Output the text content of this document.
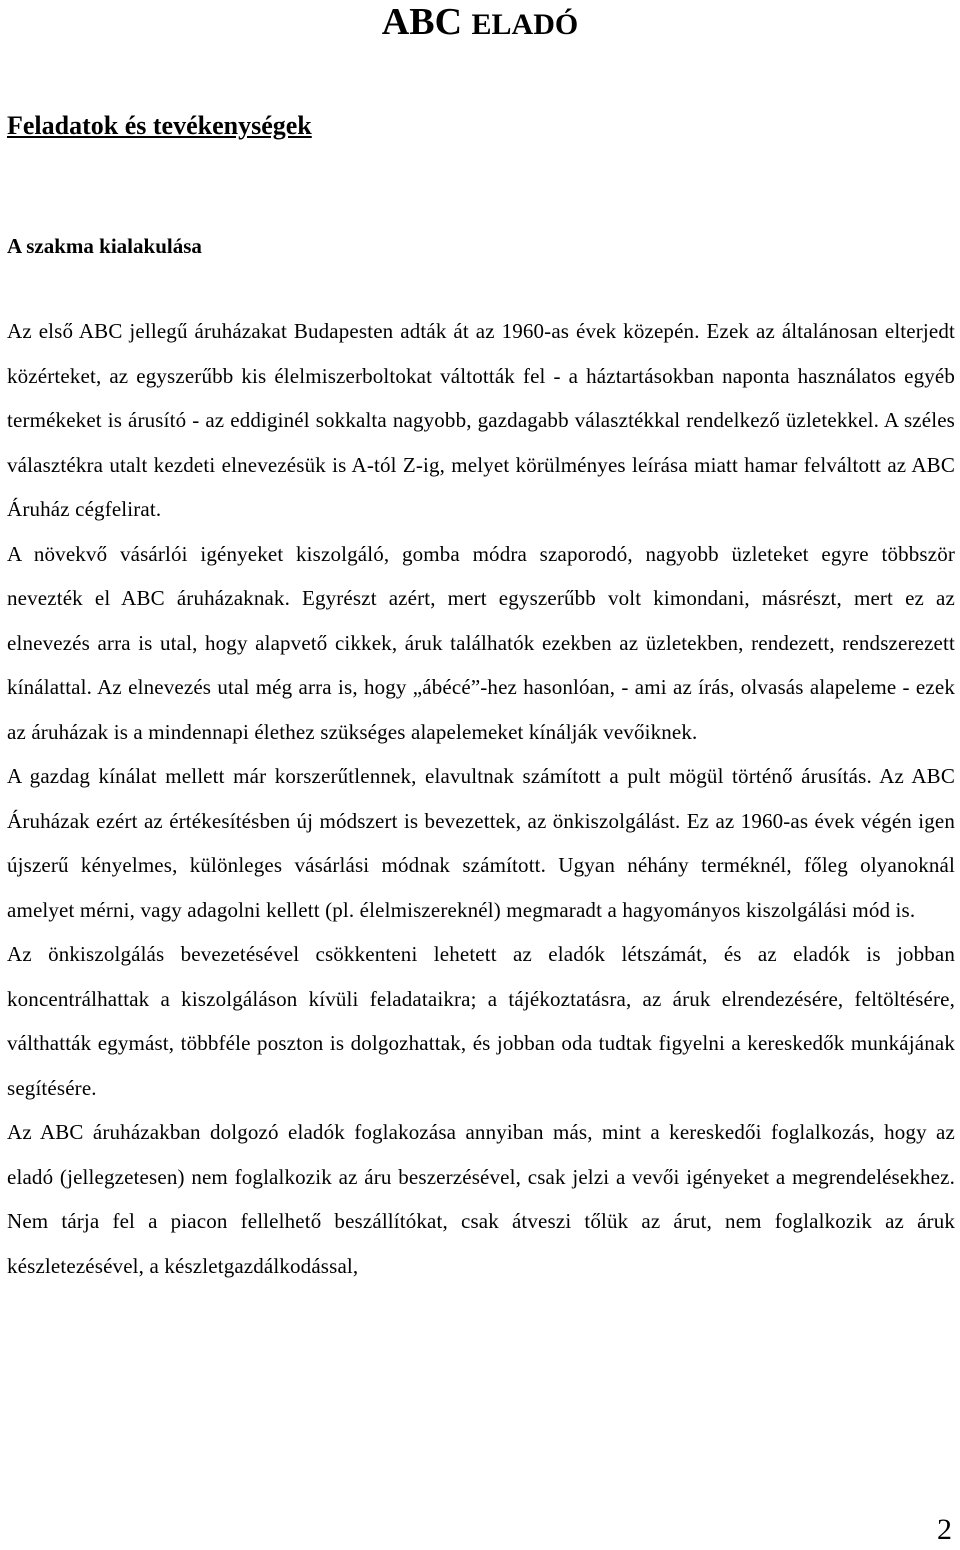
ABC ELADÓ
Feladatok és tevékenységek
A szakma kialakulása

Az első ABC jellegű áruházakat Budapesten adták át az 1960-as évek közepén. Ezek az általánosan elterjedt közérteket, az egyszerűbb kis élelmiszerboltokat váltották fel - a háztartásokban naponta használatos egyéb termékeket is árusító - az eddiginél sokkalta nagyobb, gazdagabb választékkal rendelkező üzletekkel. A széles választékra utalt kezdeti elnevezésük is A-tól Z-ig, melyet körülményes leírása miatt hamar felváltott az ABC Áruház cégfelirat.

A növekvő vásárlói igényeket kiszolgáló, gomba módra szaporodó, nagyobb üzleteket egyre többször nevezték el ABC áruházaknak. Egyrészt azért, mert egyszerűbb volt kimondani, másrészt, mert ez az elnevezés arra is utal, hogy alapvető cikkek, áruk találhatók ezekben az üzletekben, rendezett, rendszerezett kínálattal. Az elnevezés utal még arra is, hogy „ábécé”-hez hasonlóan, - ami az írás, olvasás alapeleme - ezek az áruházak is a mindennapi élethez szükséges alapelemeket kínálják vevőiknek.

A gazdag kínálat mellett már korszerűtlennek, elavultnak számított a pult mögül történő árusítás. Az ABC Áruházak ezért az értékesítésben új módszert is bevezettek, az önkiszolgálást. Ez az 1960-as évek végén igen újszerű kényelmes, különleges vásárlási módnak számított. Ugyan néhány terméknél, főleg olyanoknál amelyet mérni, vagy adagolni kellett (pl. élelmiszereknél) megmaradt a hagyományos kiszolgálási mód is.

Az önkiszolgálás bevezetésével csökkenteni lehetett az eladók létszámát, és az eladók is jobban koncentrálhattak a kiszolgáláson kívüli feladataikra; a tájékoztatásra, az áruk elrendezésére, feltöltésére, válthatták egymást, többféle poszton is dolgozhattak, és jobban oda tudtak figyelni a kereskedők munkájának segítésére.

Az ABC áruházakban dolgozó eladók foglakozása annyiban más, mint a kereskedői foglalkozás, hogy az eladó (jellegzetesen) nem foglalkozik az áru beszerzésével, csak jelzi a vevői igényeket a megrendelésekhez. Nem tárja fel a piacon fellelhető beszállítókat, csak átveszi tőlük az árut, nem foglalkozik az áruk készletezésével, a készletgazdálkodással,

2
